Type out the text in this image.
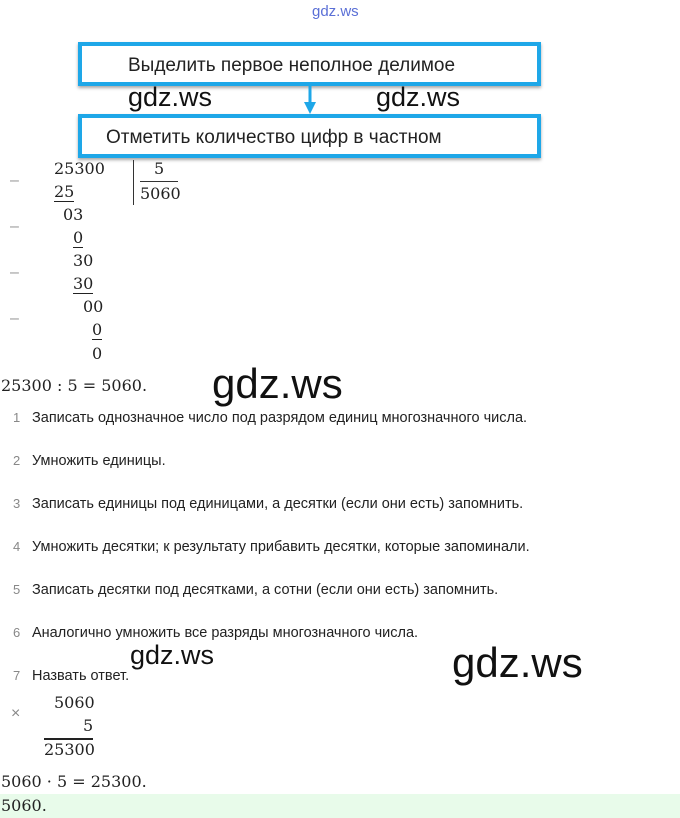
gdz.ws
Выделить первое неполное делимое
Отметить количество цифр в частном
gdz.ws	gdz.ws
–
–
–
–
25300	5
5060
25
03
0
30
30
00
0
0
25300 : 5 = 5060. gdz.ws
1 Записать однозначное число под разрядом единиц многозначного числа.
2 Умножить единицы.
3 Записать единицы под единицами, а десятки (если они есть) запомнить.
4 Умножить десятки; к результату прибавить десятки, которые запоминали.
5 Записать десятки под десятками, а сотни (если они есть) запомнить.
6 Аналогично умножить все разряды многозначного числа.
7 Назвать ответ.
gdz.ws	gdz.ws
×
5060
5
25300
5060 · 5 = 25300.
5060.
